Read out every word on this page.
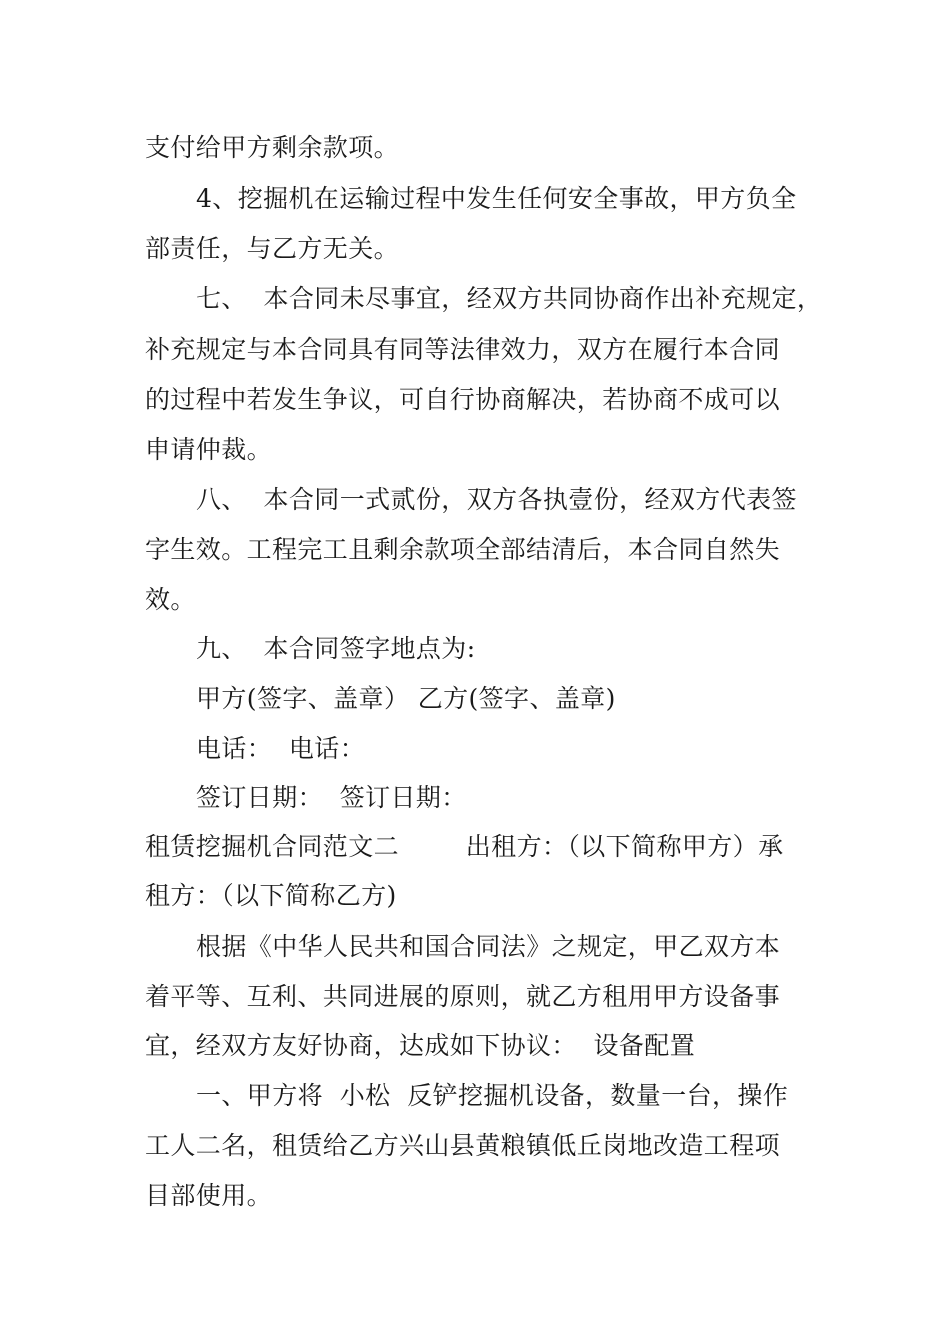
支付给甲方剩余款项。
4、挖掘机在运输过程中发生任何安全事故，甲方负全
部责任，与乙方无关。
七、  本合同未尽事宜，经双方共同协商作出补充规定，
补充规定与本合同具有同等法律效力，双方在履行本合同
的过程中若发生争议，可自行协商解决，若协商不成可以
申请仲裁。
八、  本合同一式贰份，双方各执壹份，经双方代表签
字生效。工程完工且剩余款项全部结清后，本合同自然失
效。
九、  本合同签字地点为:
甲方(签字、盖章） 乙方(签字、盖章)
电话：  电话：
签订日期：  签订日期：
租赁挖掘机合同范文二        出租方：（以下简称甲方）承
租方：（以下简称乙方)
根据《中华人民共和国合同法》之规定，甲乙双方本
着平等、互利、共同进展的原则，就乙方租用甲方设备事
宜，经双方友好协商，达成如下协议：  设备配置
一、甲方将  小松  反铲挖掘机设备，数量一台，操作
工人二名，租赁给乙方兴山县黄粮镇低丘岗地改造工程项
目部使用。
